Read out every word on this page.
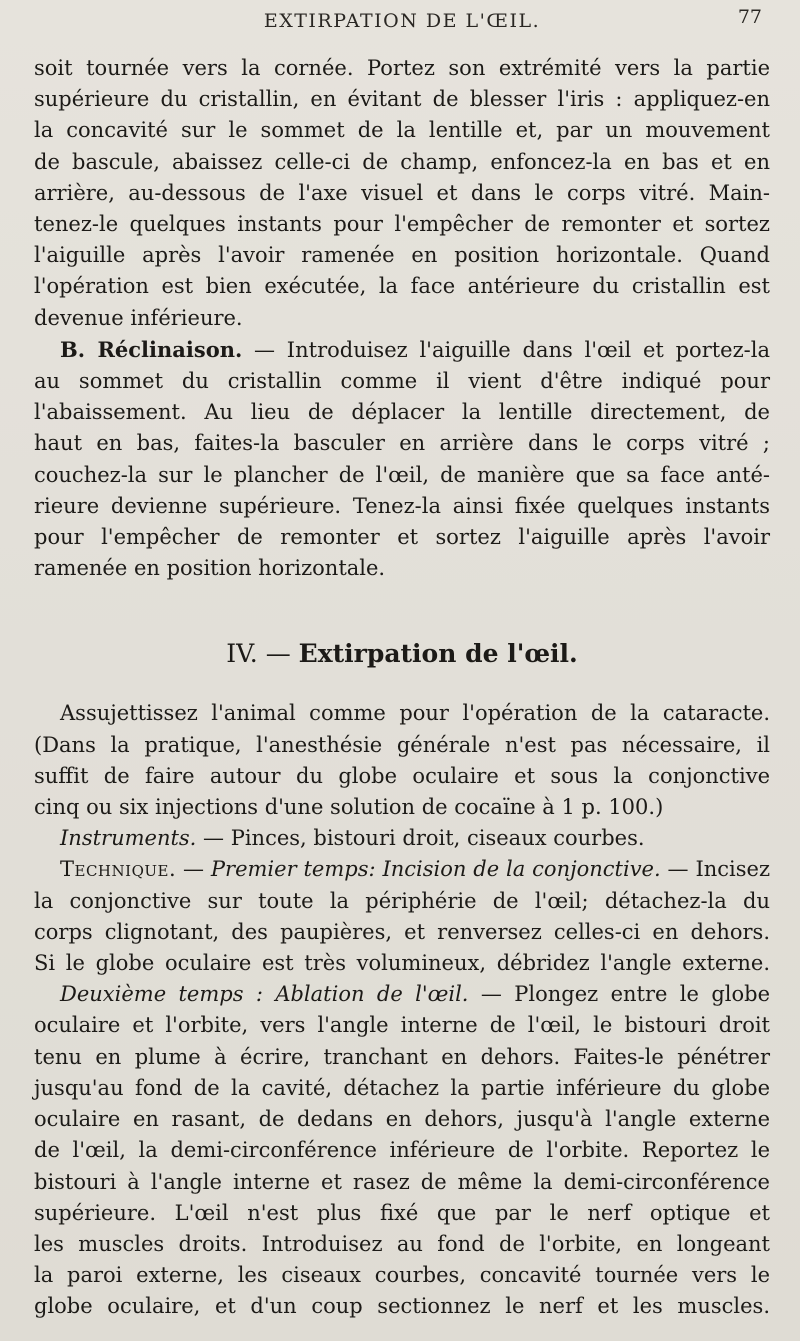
EXTIRPATION DE L'ŒIL.	77
soit tournée vers la cornée. Portez son extrémité vers la partie
supérieure du cristallin, en évitant de blesser l'iris : appliquez-en
la concavité sur le sommet de la lentille et, par un mouvement
de bascule, abaissez celle-ci de champ, enfoncez-la en bas et en
arrière, au-dessous de l'axe visuel et dans le corps vitré. Main-
tenez-le quelques instants pour l'empêcher de remonter et sortez
l'aiguille après l'avoir ramenée en position horizontale. Quand
l'opération est bien exécutée, la face antérieure du cristallin est
devenue inférieure.
B. Réclinaison. — Introduisez l'aiguille dans l'œil et portez-la
au sommet du cristallin comme il vient d'être indiqué pour
l'abaissement. Au lieu de déplacer la lentille directement, de
haut en bas, faites-la basculer en arrière dans le corps vitré ;
couchez-la sur le plancher de l'œil, de manière que sa face anté-
rieure devienne supérieure. Tenez-la ainsi fixée quelques instants
pour l'empêcher de remonter et sortez l'aiguille après l'avoir
ramenée en position horizontale.
IV. — Extirpation de l'œil.
Assujettissez l'animal comme pour l'opération de la cataracte.
(Dans la pratique, l'anesthésie générale n'est pas nécessaire, il
suffit de faire autour du globe oculaire et sous la conjonctive
cinq ou six injections d'une solution de cocaïne à 1 p. 100.)
Instruments. — Pinces, bistouri droit, ciseaux courbes.
Technique. — Premier temps: Incision de la conjonctive. — Incisez
la conjonctive sur toute la périphérie de l'œil; détachez-la du
corps clignotant, des paupières, et renversez celles-ci en dehors.
Si le globe oculaire est très volumineux, débridez l'angle externe.
Deuxième temps : Ablation de l'œil. — Plongez entre le globe
oculaire et l'orbite, vers l'angle interne de l'œil, le bistouri droit
tenu en plume à écrire, tranchant en dehors. Faites-le pénétrer
jusqu'au fond de la cavité, détachez la partie inférieure du globe
oculaire en rasant, de dedans en dehors, jusqu'à l'angle externe
de l'œil, la demi-circonférence inférieure de l'orbite. Reportez le
bistouri à l'angle interne et rasez de même la demi-circonférence
supérieure. L'œil n'est plus fixé que par le nerf optique et
les muscles droits. Introduisez au fond de l'orbite, en longeant
la paroi externe, les ciseaux courbes, concavité tournée vers le
globe oculaire, et d'un coup sectionnez le nerf et les muscles.
